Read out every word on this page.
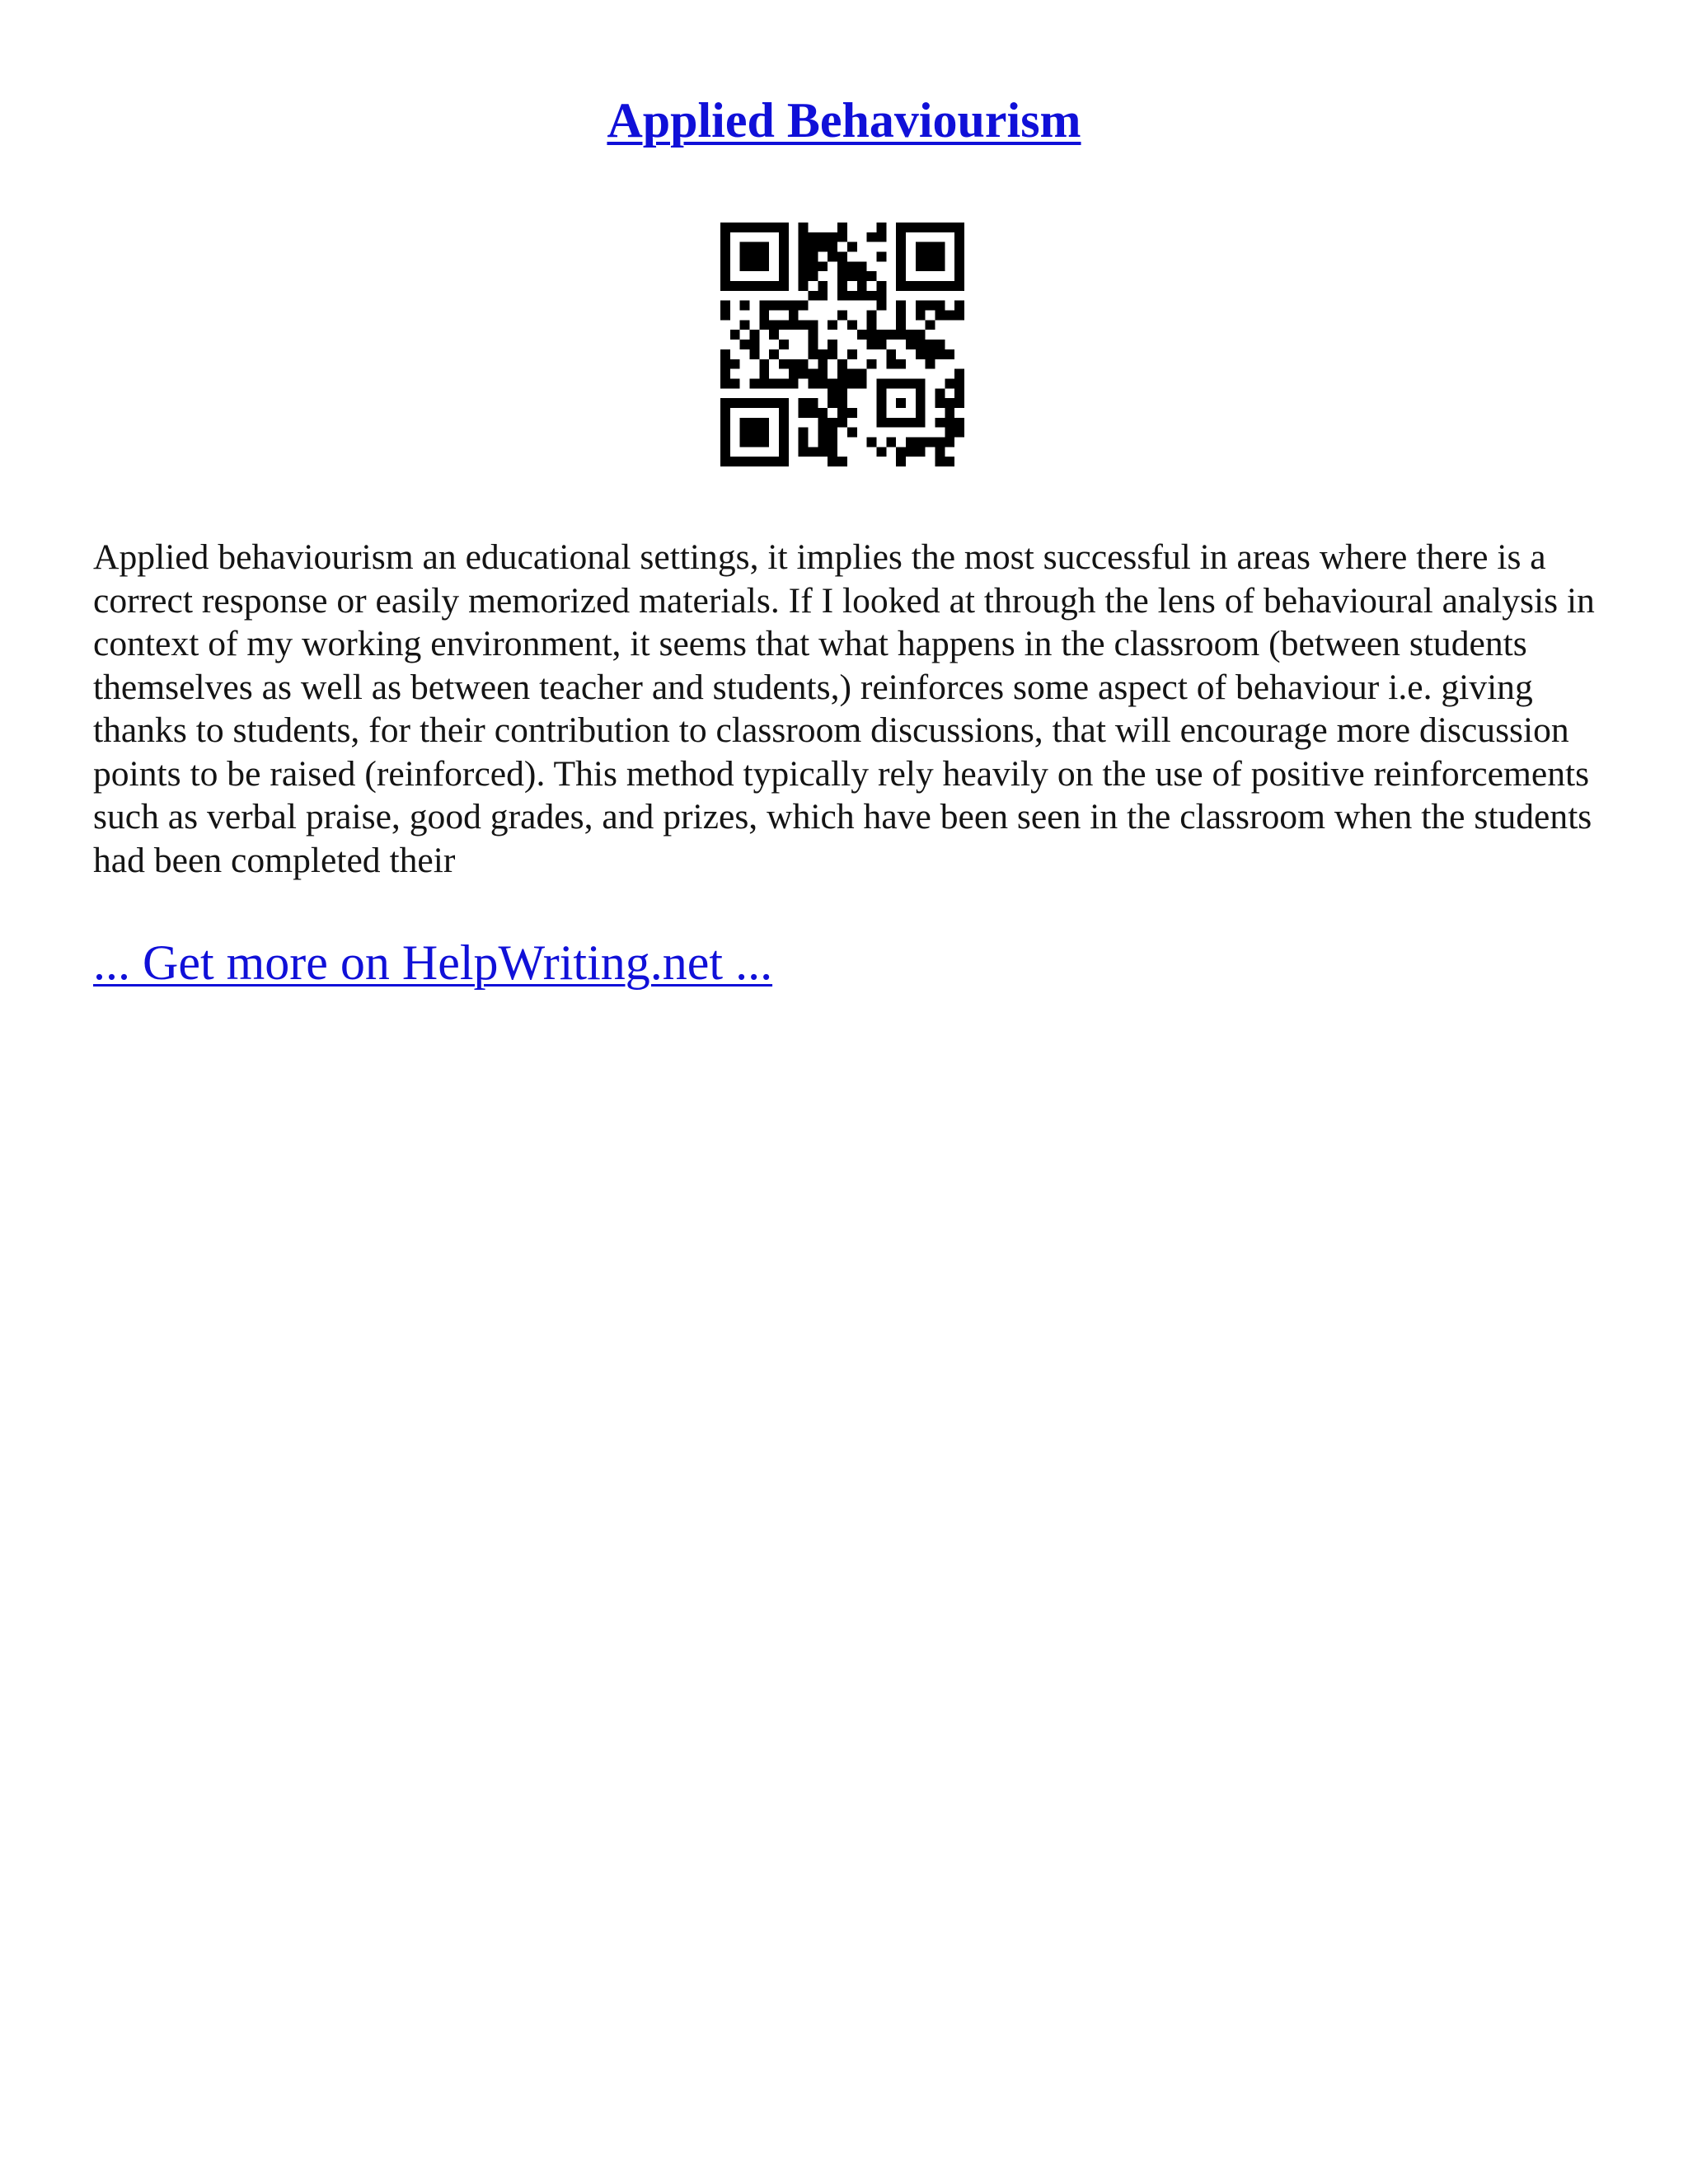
Applied Behaviourism

Applied behaviourism an educational settings, it implies the most successful in areas where there is a correct response or easily memorized materials. If I looked at through the lens of behavioural analysis in context of my working environment, it seems that what happens in the classroom (between students themselves as well as between teacher and students,) reinforces some aspect of behaviour i.e. giving thanks to students, for their contribution to classroom discussions, that will encourage more discussion points to be raised (reinforced). This method typically rely heavily on the use of positive reinforcements such as verbal praise, good grades, and prizes, which have been seen in the classroom when the students had been completed their

... Get more on HelpWriting.net ...
